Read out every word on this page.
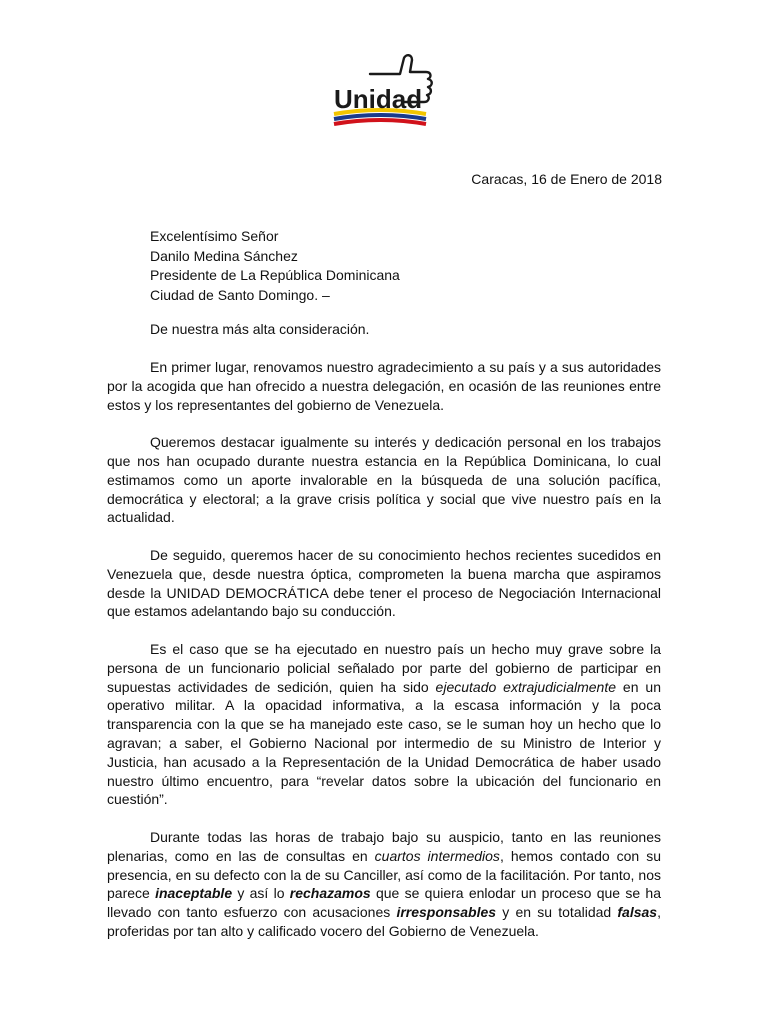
Unidad
Caracas, 16 de Enero de 2018
Excelentísimo Señor
Danilo Medina Sánchez
Presidente de La República Dominicana
Ciudad de Santo Domingo. –
De nuestra más alta consideración.

En primer lugar, renovamos nuestro agradecimiento a su país y a sus autoridades por la acogida que han ofrecido a nuestra delegación, en ocasión de las reuniones entre estos y los representantes del gobierno de Venezuela.

Queremos destacar igualmente su interés y dedicación personal en los trabajos que nos han ocupado durante nuestra estancia en la República Dominicana, lo cual estimamos como un aporte invalorable en la búsqueda de una solución pacífica, democrática y electoral; a la grave crisis política y social que vive nuestro país en la actualidad.

De seguido, queremos hacer de su conocimiento hechos recientes sucedidos en Venezuela que, desde nuestra óptica, comprometen la buena marcha que aspiramos desde la UNIDAD DEMOCRÁTICA debe tener el proceso de Negociación Internacional que estamos adelantando bajo su conducción.

Es el caso que se ha ejecutado en nuestro país un hecho muy grave sobre la persona de un funcionario policial señalado por parte del gobierno de participar en supuestas actividades de sedición, quien ha sido ejecutado extrajudicialmente en un operativo militar. A la opacidad informativa, a la escasa información y la poca transparencia con la que se ha manejado este caso, se le suman hoy un hecho que lo agravan; a saber, el Gobierno Nacional por intermedio de su Ministro de Interior y Justicia, han acusado a la Representación de la Unidad Democrática de haber usado nuestro último encuentro, para “revelar datos sobre la ubicación del funcionario en cuestión”.

Durante todas las horas de trabajo bajo su auspicio, tanto en las reuniones plenarias, como en las de consultas en cuartos intermedios, hemos contado con su presencia, en su defecto con la de su Canciller, así como de la facilitación. Por tanto, nos parece inaceptable y así lo rechazamos que se quiera enlodar un proceso que se ha llevado con tanto esfuerzo con acusaciones irresponsables y en su totalidad falsas, proferidas por tan alto y calificado vocero del Gobierno de Venezuela.
